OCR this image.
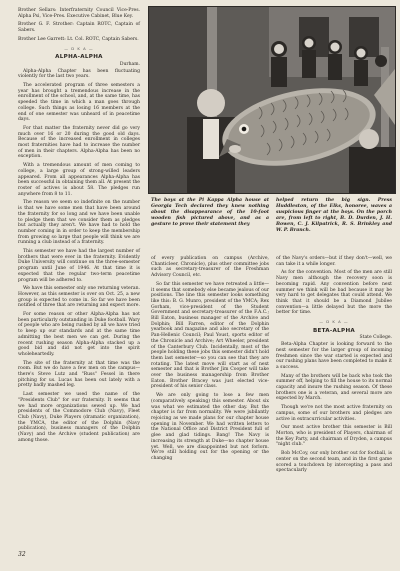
Brother Sellars: Interfraternity Council Vice-Pres. Alpha Psi, Vice-Pres. Executive Cabinet, Blue Key.

Brother G. F. Strother: Captain ROTC, Captain of Sabers.

Brother Lee Garrett: Lt. Col. ROTC, Captain Sabers.

— D K A —
ALPHA-ALPHA
Durham.

Alpha-Alpha Chapter has been fluctuating violently for the last two years.

The accelerated program of three semesters a year has brought a tremendous increase in the enrollment of the school, and, at the same time, has speeded the time in which a man goes through college. Such things as losing 16 members at the end of one semester was unheard of in peacetime days.

For that matter the fraternity never did go very much over 16 or 20 during the good old days. Because of the increased enrollment in colleges most fraternities have had to increase the number of men in their chapters. Alpha-Alpha has been no exception.

With a tremendous amount of men coming to college, a large group of strong-willed leaders appeared. From all appearances Alpha-Alpha has been successful in obtaining them all. At present the roster of actives is about 58. The pledges run anywhere from 8 to 11.

The reason we seem so indefinite on the number is that we have some men that have been around the fraternity for so long and we have been unable to pledge them that we consider them as pledges but actually they aren't. We have had to hold the number coming in in order to keep the membership from growing so large that people will think we are running a club instead of a fraternity.

This semester we have had the largest number of brothers that were ever in the fraternity. Evidently Duke University will continue on the three-semester program until June of 1946. At that time it is expected that the regular two-term peacetime program will be adhered to.

We have this semester only one returning veteran. However, as this semester is over on Oct. 25, a new group is expected to come in. So far we have been notified of three that are returning and expect more.

For some reason or other Alpha-Alpha has not been particularly outstanding in Duke football. Wary of people who are being rushed by all we have tried to keep up our standards and at the same time admitting the best men we can get. During the recent rushing season Alpha-Alpha stacked up a good bid and did not get into the spirit wholeheartedly.

The site of the fraternity at that time was the room. But we do have a few men on the campus—there's Steve Lutz and "Russ" Fessel in there pitching for us. Lucas has been out lately with a pretty badly mashed leg.

Last semester we used the name of the "Presidents Club" for our fraternity. It seems that we had more organizations sewed up. We had presidents of the Commodore Club (Navy), Fleet Club (Navy), Duke Players (dramatic organization), the YMCA, the editor of the Dolphin (Navy publication), business managers of the Dolphin (Navy) and the Archive (student publication) are among those.

The boys at the Pi Kappa Alpha house at Georgia Tech declared they knew nothing about the disappearance of the 10-foot wooden fish pictured above, and as a gesture to prove their statement they
helped return the big sign. Press Huddleston, of the Elks, honoree, waves a suspicious finger at the boys. On the porch are, from left to right, B. D. Durden, J. H. Bowen, C. J. Kilpatrick, R. S. Brinkley and W. P. Branch.

of every publication on campus (Archive, Chanticleer, Chronicle), plus other committee jobs such as secretary-treasurer of the Freshman Advisory Council, etc.

So far this semester we have retreated a little—it seems that somebody else became jealous of our positions. The line this semester looks something like this: B. G. Munro, president of the YMCA; Rex Gorham, vice-president of the Student Government and secretary-treasurer of the F.A.C.; Bill Eaton, business manager of the Archive and Dolphin; Bill Farren, editor of the Dolphin yearbook and magazine and also secretary of the Pan-Hellenic Council; Paul Youst, sports editor of the Chronicle and Archive; Art Wheeler, president of the Canterbury Club. Incidentally, most of the people holding these jobs this semester didn't hold them last semester—so you can see that they are rotating. The latest move will start as of next semester and that is Brother Jim Cooper will take over the business managership from Brother Eaton. Brother Bracey was just elected vice-president of his senior class.

We are only going to lose a few men (comparatively speaking) this semester. About six was what we estimated the other day. But the chapter is far from normality. We were jubilantly rejoicing as we made plans for our chapter house opening in November. We had written letters to the National Office and District President full of glee and glad tidings. Bang! The Navy is increasing its strength at Duke—no chapter house yet. Well, we are disappointed but not forlorn. We're still holding out for the opening or the changing

of the Navy's orders—but if they don't—well, we can take it a while longer.

As for the convention. Most of the men are still Navy men although the recovery soon is becoming rapid. Any convention before next summer we think will be bad because it may be very hard to get delegates that could attend. We think that it should be a Diamond Jubilee convention—a little delayed but the more the better for time.

— D K A —
BETA-ALPHA
State College.

Beta-Alpha Chapter is looking forward to the next semester for the larger group of incoming freshmen since the war started is expected and our rushing plans have been completed to make it a success.

Many of the brothers will be back who took the summer off, helping to fill the house to its normal capacity and insure the rushing season. Of these brothers one is a veteran, and several more are expected by March.

Though we're not the most active fraternity on campus, some of our brothers and pledges are active in extracurricular activities.

Our most active brother this semester is Bill Morton, who is president of Players, chairman of the Key Party, and chairman of Dryden, a campus "night club."

Bob McCoy, our only brother out for football, is center on the second team, and in the first game scored a touchdown by intercepting a pass and spectacularly

32
